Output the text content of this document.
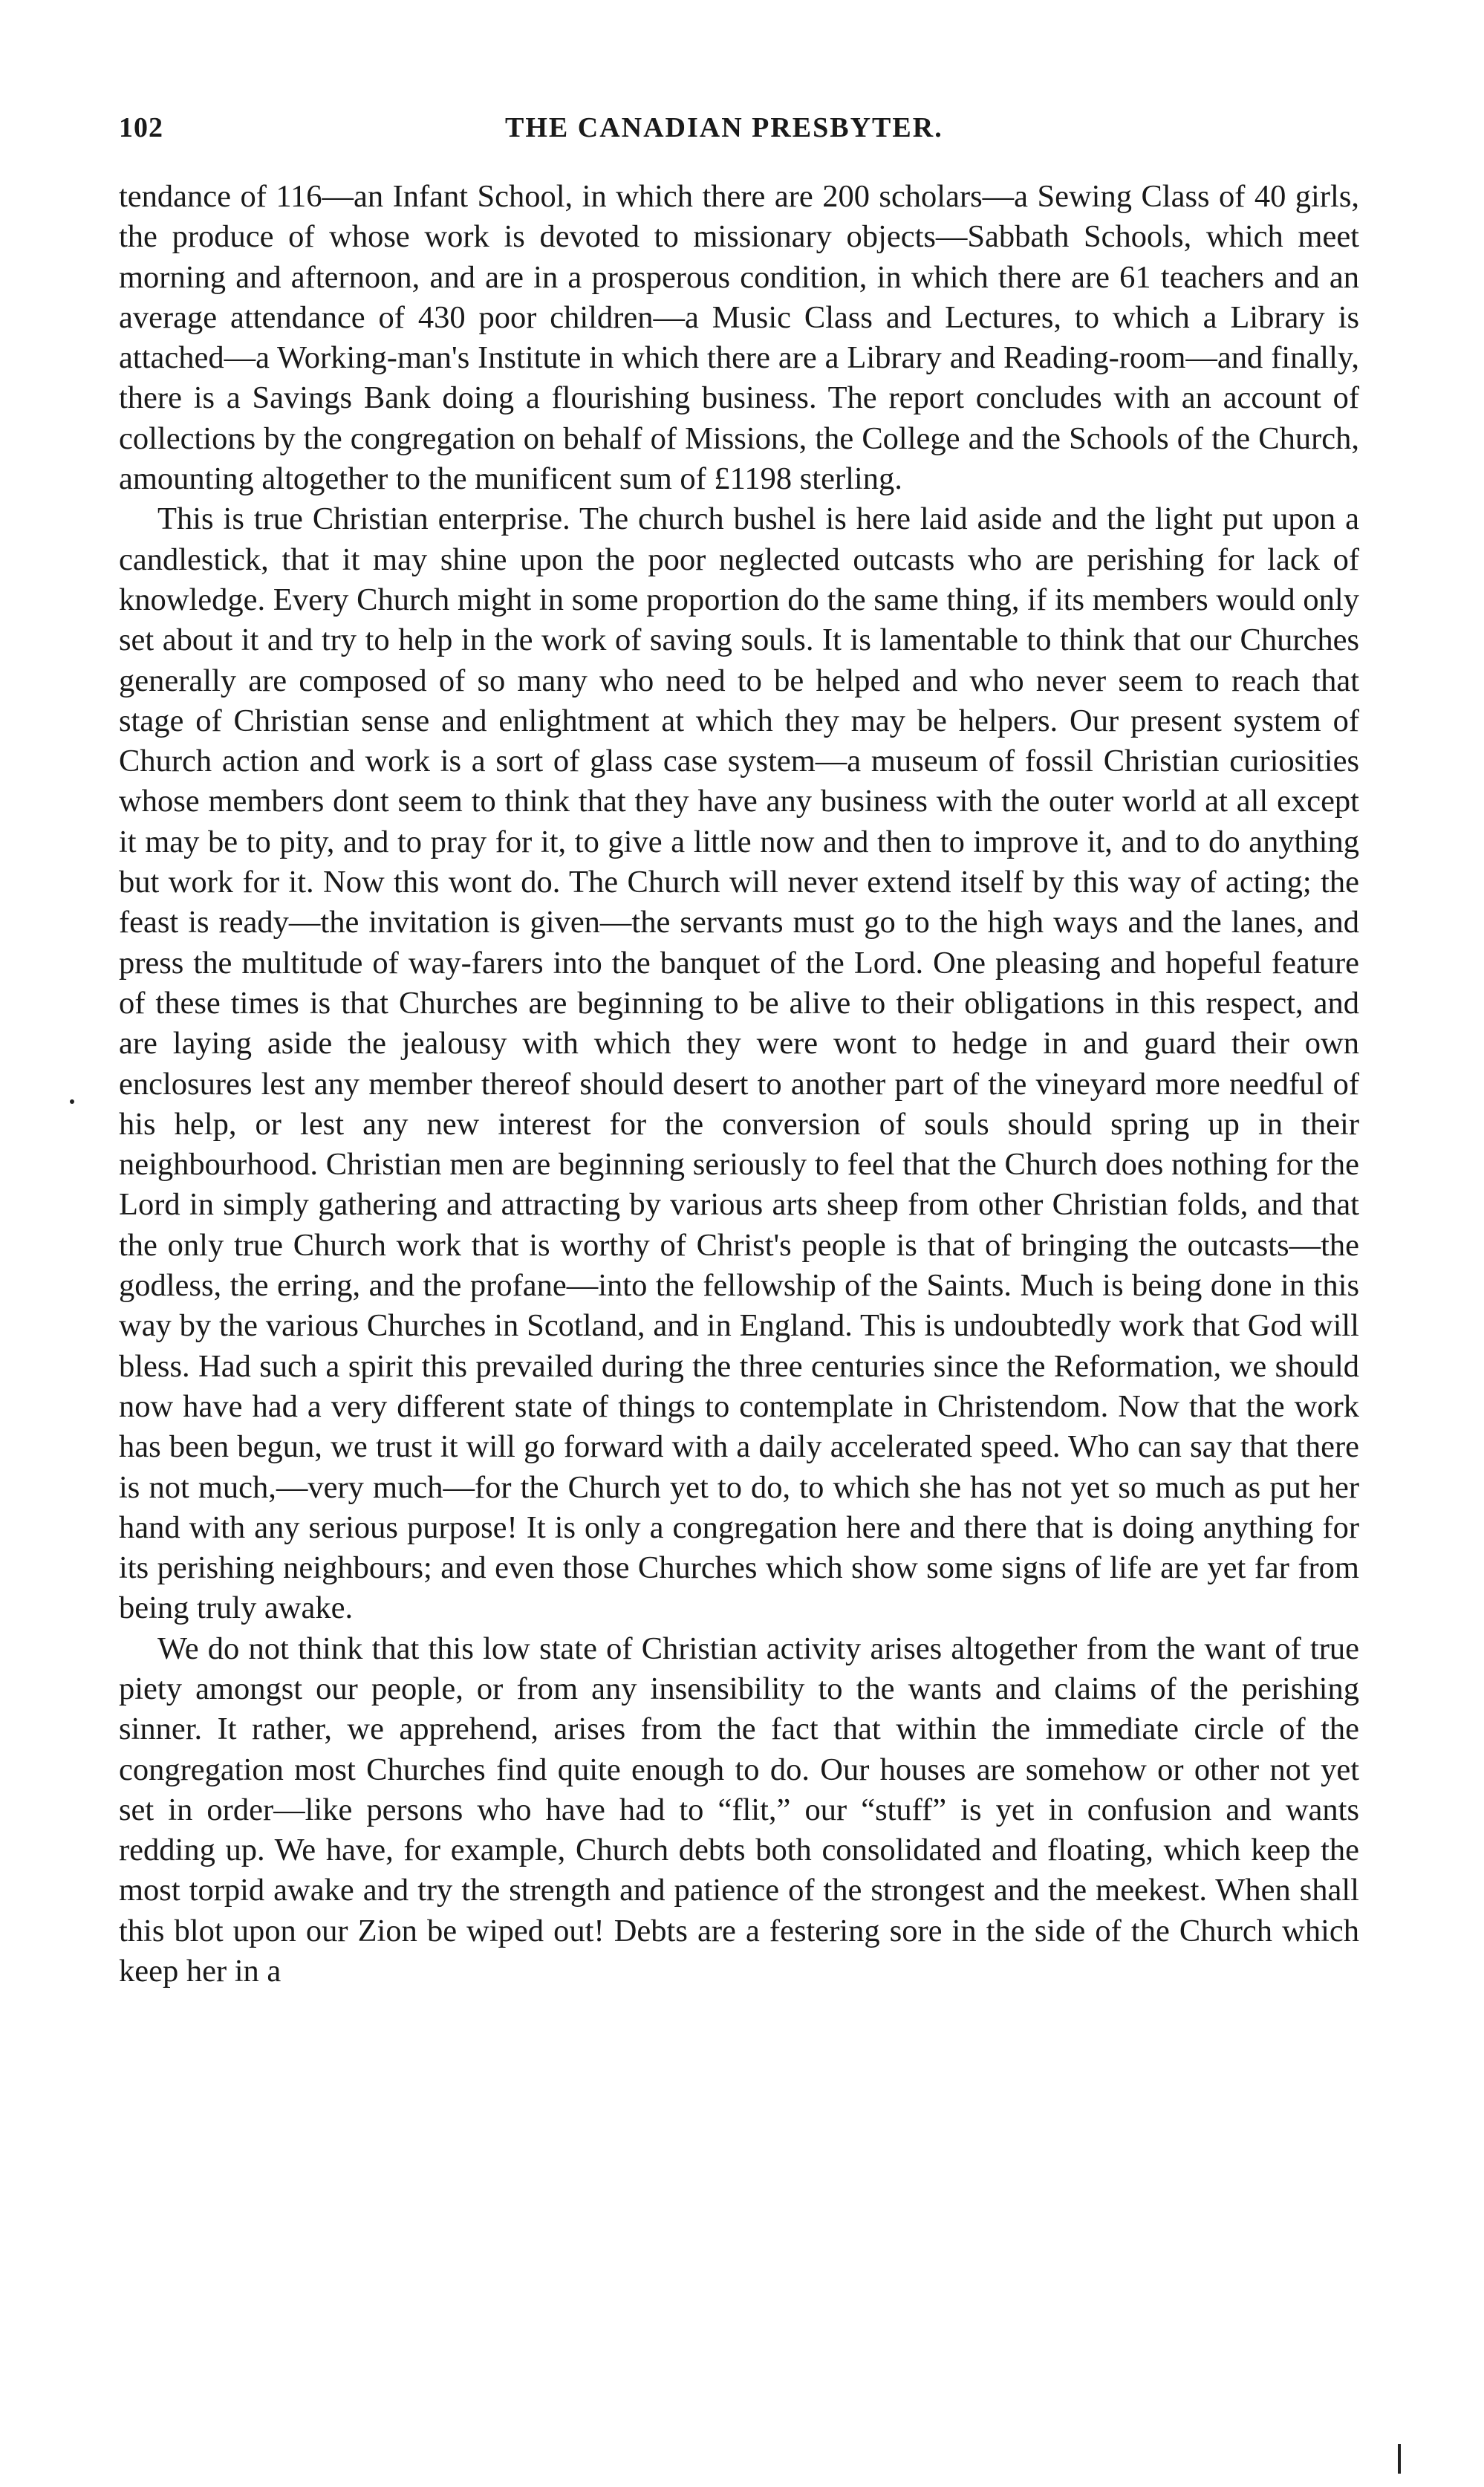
102	THE CANADIAN PRESBYTER.

tendance of 116—an Infant School, in which there are 200 scholars—a Sewing Class of 40 girls, the produce of whose work is devoted to missionary objects—Sabbath Schools, which meet morning and afternoon, and are in a prosperous condition, in which there are 61 teachers and an average attendance of 430 poor children—a Music Class and Lectures, to which a Library is attached—a Working-man's Institute in which there are a Library and Reading-room—and finally, there is a Savings Bank doing a flourishing business. The report concludes with an account of collections by the congregation on behalf of Missions, the College and the Schools of the Church, amounting altogether to the munificent sum of £1198 sterling.

This is true Christian enterprise. The church bushel is here laid aside and the light put upon a candlestick, that it may shine upon the poor neglected outcasts who are perishing for lack of knowledge. Every Church might in some proportion do the same thing, if its members would only set about it and try to help in the work of saving souls. It is lamentable to think that our Churches generally are composed of so many who need to be helped and who never seem to reach that stage of Christian sense and enlightment at which they may be helpers. Our present system of Church action and work is a sort of glass case system—a museum of fossil Christian curiosities whose members dont seem to think that they have any business with the outer world at all except it may be to pity, and to pray for it, to give a little now and then to improve it, and to do anything but work for it. Now this wont do. The Church will never extend itself by this way of acting; the feast is ready—the invitation is given—the servants must go to the high ways and the lanes, and press the multitude of way-farers into the banquet of the Lord. One pleasing and hopeful feature of these times is that Churches are beginning to be alive to their obligations in this respect, and are laying aside the jealousy with which they were wont to hedge in and guard their own enclosures lest any member thereof should desert to another part of the vineyard more needful of his help, or lest any new interest for the conversion of souls should spring up in their neighbourhood. Christian men are beginning seriously to feel that the Church does nothing for the Lord in simply gathering and attracting by various arts sheep from other Christian folds, and that the only true Church work that is worthy of Christ's people is that of bringing the outcasts—the godless, the erring, and the profane—into the fellowship of the Saints. Much is being done in this way by the various Churches in Scotland, and in England. This is undoubtedly work that God will bless. Had such a spirit this prevailed during the three centuries since the Reformation, we should now have had a very different state of things to contemplate in Christendom. Now that the work has been begun, we trust it will go forward with a daily accelerated speed. Who can say that there is not much,—very much—for the Church yet to do, to which she has not yet so much as put her hand with any serious purpose! It is only a congregation here and there that is doing anything for its perishing neighbours; and even those Churches which show some signs of life are yet far from being truly awake.

We do not think that this low state of Christian activity arises altogether from the want of true piety amongst our people, or from any insensibility to the wants and claims of the perishing sinner. It rather, we apprehend, arises from the fact that within the immediate circle of the congregation most Churches find quite enough to do. Our houses are somehow or other not yet set in order—like persons who have had to “flit,” our “stuff” is yet in confusion and wants redding up. We have, for example, Church debts both consolidated and floating, which keep the most torpid awake and try the strength and patience of the strongest and the meekest. When shall this blot upon our Zion be wiped out! Debts are a festering sore in the side of the Church which keep her in a
